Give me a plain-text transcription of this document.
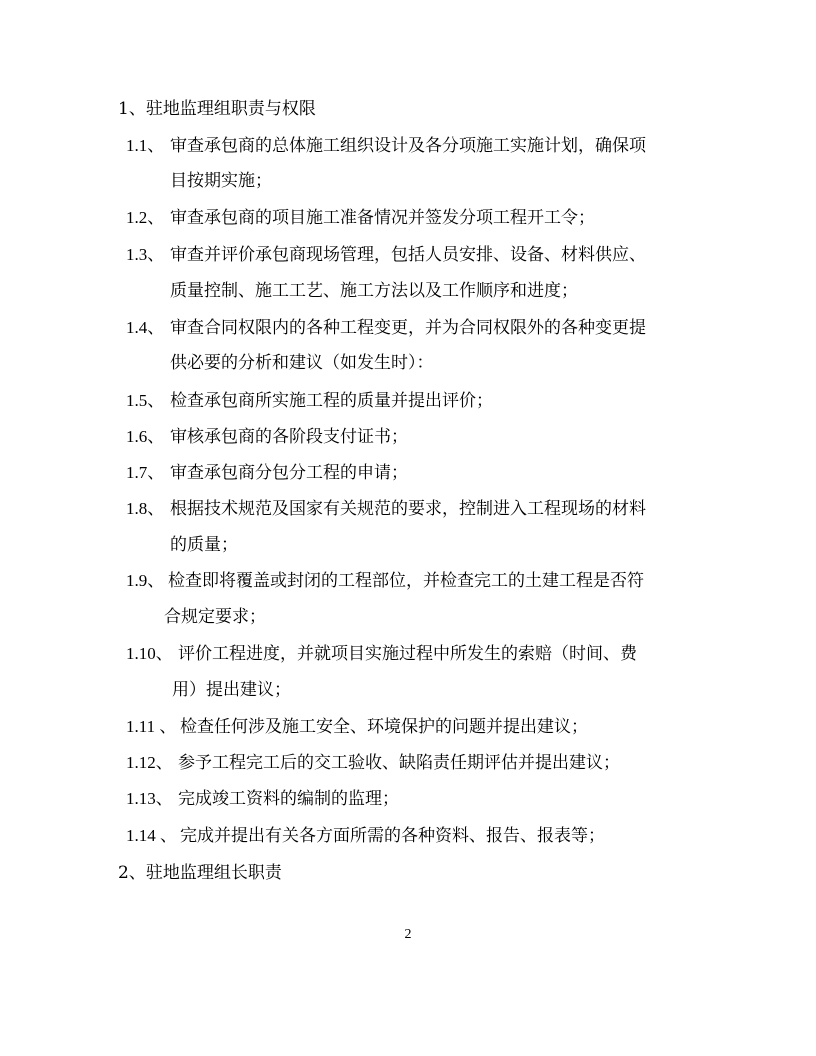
1、驻地监理组职责与权限
1.1、 审查承包商的总体施工组织设计及各分项施工实施计划，确保项
目按期实施；
1.2、 审查承包商的项目施工准备情况并签发分项工程开工令；
1.3、 审查并评价承包商现场管理，包括人员安排、设备、材料供应、
质量控制、施工工艺、施工方法以及工作顺序和进度；
1.4、 审查合同权限内的各种工程变更，并为合同权限外的各种变更提
供必要的分析和建议（如发生时）：
1.5、 检查承包商所实施工程的质量并提出评价；
1.6、 审核承包商的各阶段支付证书；
1.7、 审查承包商分包分工程的申请；
1.8、 根据技术规范及国家有关规范的要求，控制进入工程现场的材料
的质量；
1.9、 检查即将覆盖或封闭的工程部位，并检查完工的土建工程是否符
合规定要求；
1.10、 评价工程进度，并就项目实施过程中所发生的索赔（时间、费
用）提出建议；
1.11 、 检查任何涉及施工安全、环境保护的问题并提出建议；
1.12、 参予工程完工后的交工验收、缺陷责任期评估并提出建议；
1.13、 完成竣工资料的编制的监理；
1.14 、 完成并提出有关各方面所需的各种资料、报告、报表等；
2、驻地监理组长职责
2
